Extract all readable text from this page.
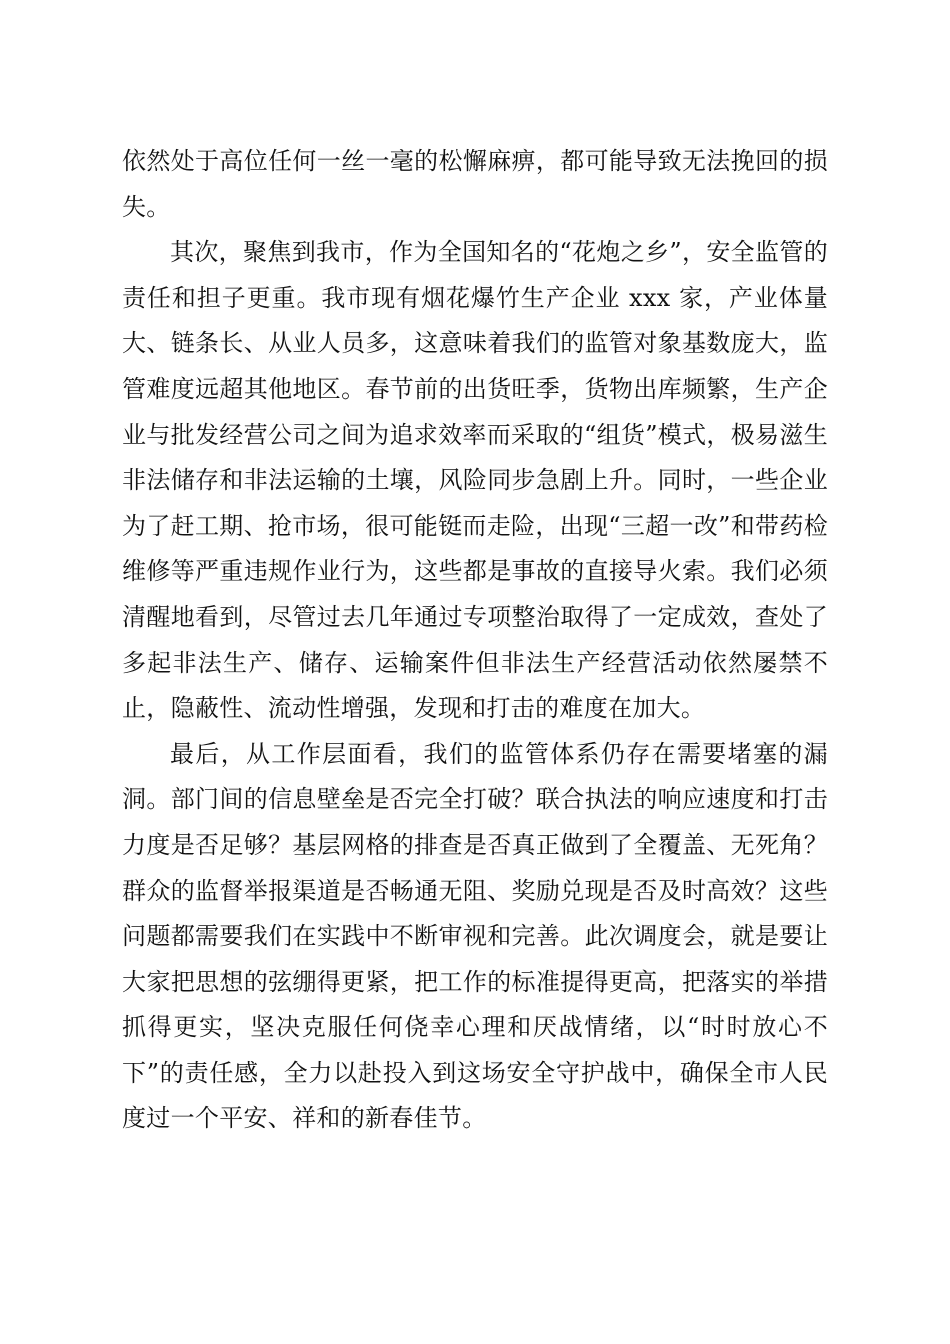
依然处于高位任何一丝一毫的松懈麻痹，都可能导致无法挽回的损失。

其次，聚焦到我市，作为全国知名的“花炮之乡”，安全监管的责任和担子更重。我市现有烟花爆竹生产企业 xxx 家，产业体量大、链条长、从业人员多，这意味着我们的监管对象基数庞大，监管难度远超其他地区。春节前的出货旺季，货物出库频繁，生产企业与批发经营公司之间为追求效率而采取的“组货”模式，极易滋生非法储存和非法运输的土壤，风险同步急剧上升。同时，一些企业为了赶工期、抢市场，很可能铤而走险，出现“三超一改”和带药检维修等严重违规作业行为，这些都是事故的直接导火索。我们必须清醒地看到，尽管过去几年通过专项整治取得了一定成效，查处了多起非法生产、储存、运输案件但非法生产经营活动依然屡禁不止，隐蔽性、流动性增强，发现和打击的难度在加大。

最后，从工作层面看，我们的监管体系仍存在需要堵塞的漏洞。部门间的信息壁垒是否完全打破？联合执法的响应速度和打击力度是否足够？基层网格的排查是否真正做到了全覆盖、无死角？群众的监督举报渠道是否畅通无阻、奖励兑现是否及时高效？这些问题都需要我们在实践中不断审视和完善。此次调度会，就是要让大家把思想的弦绷得更紧，把工作的标准提得更高，把落实的举措抓得更实，坚决克服任何侥幸心理和厌战情绪，以“时时放心不下”的责任感，全力以赴投入到这场安全守护战中，确保全市人民度过一个平安、祥和的新春佳节。
